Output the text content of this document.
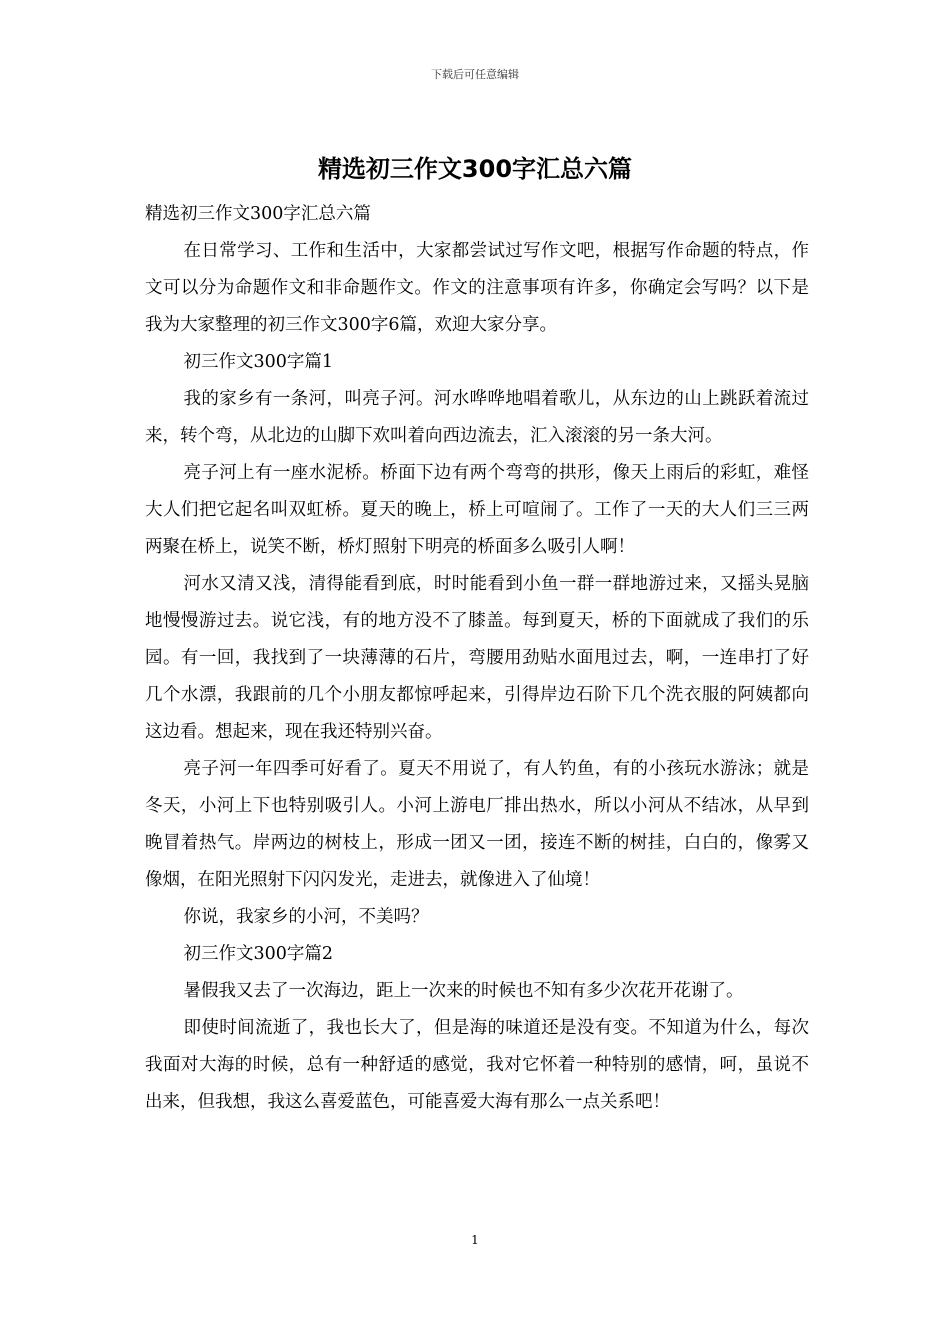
下载后可任意编辑
精选初三作文300字汇总六篇

精选初三作文300字汇总六篇

在日常学习、工作和生活中，大家都尝试过写作文吧，根据写作命题的特点，作文可以分为命题作文和非命题作文。作文的注意事项有许多，你确定会写吗？以下是我为大家整理的初三作文300字6篇，欢迎大家分享。

初三作文300字篇1

我的家乡有一条河，叫亮子河。河水哗哗地唱着歌儿，从东边的山上跳跃着流过来，转个弯，从北边的山脚下欢叫着向西边流去，汇入滚滚的另一条大河。

亮子河上有一座水泥桥。桥面下边有两个弯弯的拱形，像天上雨后的彩虹，难怪大人们把它起名叫双虹桥。夏天的晚上，桥上可喧闹了。工作了一天的大人们三三两两聚在桥上，说笑不断，桥灯照射下明亮的桥面多么吸引人啊！

河水又清又浅，清得能看到底，时时能看到小鱼一群一群地游过来，又摇头晃脑地慢慢游过去。说它浅，有的地方没不了膝盖。每到夏天，桥的下面就成了我们的乐园。有一回，我找到了一块薄薄的石片，弯腰用劲贴水面甩过去，啊，一连串打了好几个水漂，我跟前的几个小朋友都惊呼起来，引得岸边石阶下几个洗衣服的阿姨都向这边看。想起来，现在我还特别兴奋。

亮子河一年四季可好看了。夏天不用说了，有人钓鱼，有的小孩玩水游泳；就是冬天，小河上下也特别吸引人。小河上游电厂排出热水，所以小河从不结冰，从早到晚冒着热气。岸两边的树枝上，形成一团又一团，接连不断的树挂，白白的，像雾又像烟，在阳光照射下闪闪发光，走进去，就像进入了仙境！

你说，我家乡的小河，不美吗？

初三作文300字篇2

暑假我又去了一次海边，距上一次来的时候也不知有多少次花开花谢了。

即使时间流逝了，我也长大了，但是海的味道还是没有变。不知道为什么，每次我面对大海的时候，总有一种舒适的感觉，我对它怀着一种特别的感情，呵，虽说不出来，但我想，我这么喜爱蓝色，可能喜爱大海有那么一点关系吧！

1
